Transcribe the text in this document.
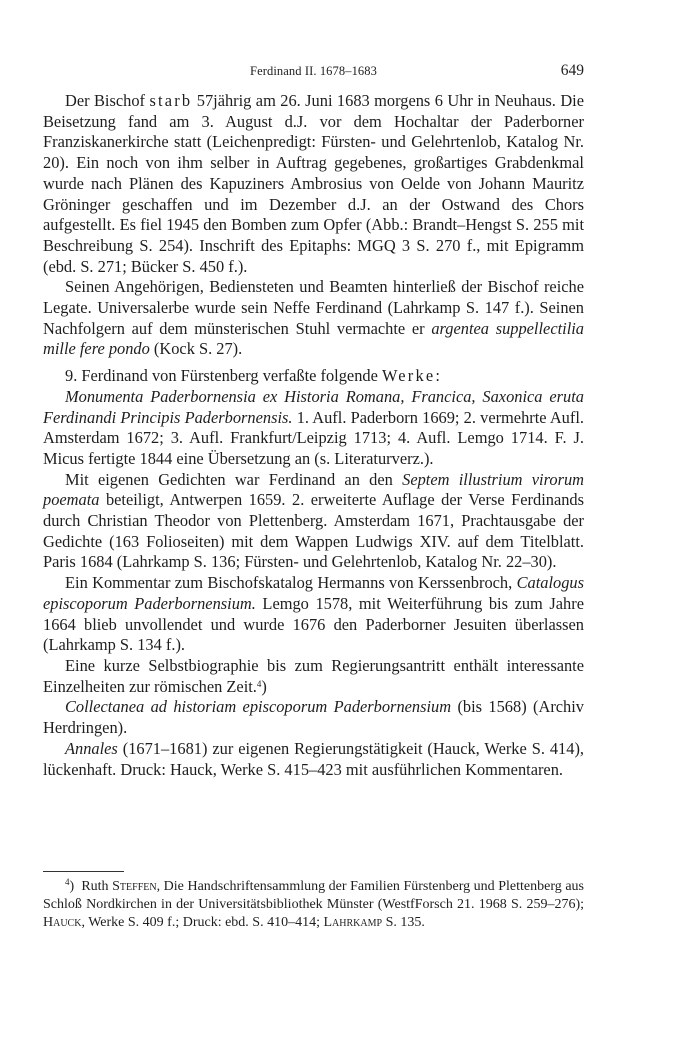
Ferdinand II. 1678–1683	649

Der Bischof starb 57jährig am 26. Juni 1683 morgens 6 Uhr in Neuhaus. Die Beisetzung fand am 3. August d.J. vor dem Hochaltar der Paderborner Franziskanerkirche statt (Leichenpredigt: Fürsten- und Gelehrtenlob, Katalog Nr. 20). Ein noch von ihm selber in Auftrag gegebenes, großartiges Grabdenkmal wurde nach Plänen des Kapuziners Ambrosius von Oelde von Johann Mauritz Gröninger geschaffen und im Dezember d.J. an der Ostwand des Chors aufgestellt. Es fiel 1945 den Bomben zum Opfer (Abb.: Brandt–Hengst S. 255 mit Beschreibung S. 254). Inschrift des Epitaphs: MGQ 3 S. 270 f., mit Epigramm (ebd. S. 271; Bücker S. 450 f.).

Seinen Angehörigen, Bediensteten und Beamten hinterließ der Bischof reiche Legate. Universalerbe wurde sein Neffe Ferdinand (Lahrkamp S. 147 f.). Seinen Nachfolgern auf dem münsterischen Stuhl vermachte er argentea suppellectilia mille fere pondo (Kock S. 27).

9. Ferdinand von Fürstenberg verfaßte folgende Werke:

Monumenta Paderbornensia ex Historia Romana, Francica, Saxonica eruta Ferdinandi Principis Paderbornensis. 1. Aufl. Paderborn 1669; 2. vermehrte Aufl. Amsterdam 1672; 3. Aufl. Frankfurt/Leipzig 1713; 4. Aufl. Lemgo 1714. F. J. Micus fertigte 1844 eine Übersetzung an (s. Literaturverz.).

Mit eigenen Gedichten war Ferdinand an den Septem illustrium virorum poemata beteiligt, Antwerpen 1659. 2. erweiterte Auflage der Verse Ferdinands durch Christian Theodor von Plettenberg. Amsterdam 1671, Prachtausgabe der Gedichte (163 Folioseiten) mit dem Wappen Ludwigs XIV. auf dem Titelblatt. Paris 1684 (Lahrkamp S. 136; Fürsten- und Gelehrtenlob, Katalog Nr. 22–30).

Ein Kommentar zum Bischofskatalog Hermanns von Kerssenbroch, Catalogus episcoporum Paderbornensium. Lemgo 1578, mit Weiterführung bis zum Jahre 1664 blieb unvollendet und wurde 1676 den Paderborner Jesuiten überlassen (Lahrkamp S. 134 f.).

Eine kurze Selbstbiographie bis zum Regierungsantritt enthält interessante Einzelheiten zur römischen Zeit.$^4$)

Collectanea ad historiam episcoporum Paderbornensium (bis 1568) (Archiv Herdringen).

Annales (1671–1681) zur eigenen Regierungstätigkeit (Hauck, Werke S. 414), lückenhaft. Druck: Hauck, Werke S. 415–423 mit ausführlichen Kommentaren.

$^4$)  Ruth Steffen, Die Handschriftensammlung der Familien Fürstenberg und Plettenberg aus Schloß Nordkirchen in der Universitätsbibliothek Münster (WestfForsch 21. 1968 S. 259–276); Hauck, Werke S. 409 f.; Druck: ebd. S. 410–414; Lahrkamp S. 135.
